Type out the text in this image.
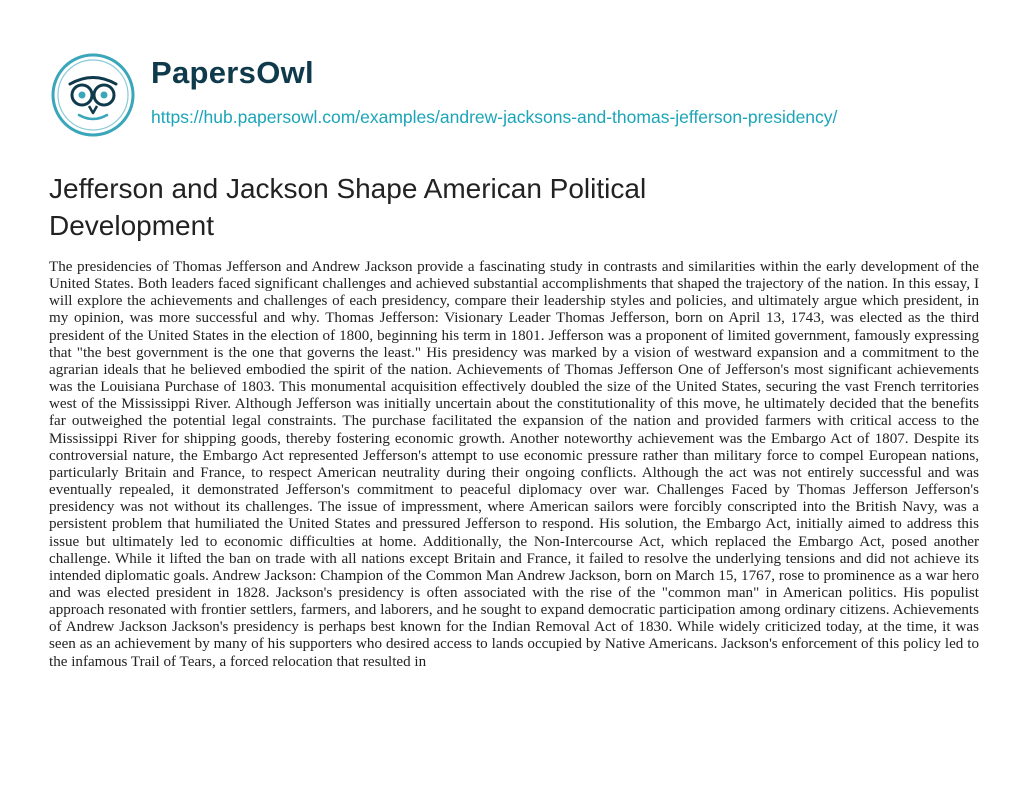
PapersOwl
https://hub.papersowl.com/examples/andrew-jacksons-and-thomas-jefferson-presidency/
Jefferson and Jackson Shape American Political Development

The presidencies of Thomas Jefferson and Andrew Jackson provide a fascinating study in contrasts and similarities within the early development of the United States. Both leaders faced significant challenges and achieved substantial accomplishments that shaped the trajectory of the nation. In this essay, I will explore the achievements and challenges of each presidency, compare their leadership styles and policies, and ultimately argue which president, in my opinion, was more successful and why. Thomas Jefferson: Visionary Leader Thomas Jefferson, born on April 13, 1743, was elected as the third president of the United States in the election of 1800, beginning his term in 1801. Jefferson was a proponent of limited government, famously expressing that "the best government is the one that governs the least." His presidency was marked by a vision of westward expansion and a commitment to the agrarian ideals that he believed embodied the spirit of the nation. Achievements of Thomas Jefferson One of Jefferson's most significant achievements was the Louisiana Purchase of 1803. This monumental acquisition effectively doubled the size of the United States, securing the vast French territories west of the Mississippi River. Although Jefferson was initially uncertain about the constitutionality of this move, he ultimately decided that the benefits far outweighed the potential legal constraints. The purchase facilitated the expansion of the nation and provided farmers with critical access to the Mississippi River for shipping goods, thereby fostering economic growth. Another noteworthy achievement was the Embargo Act of 1807. Despite its controversial nature, the Embargo Act represented Jefferson's attempt to use economic pressure rather than military force to compel European nations, particularly Britain and France, to respect American neutrality during their ongoing conflicts. Although the act was not entirely successful and was eventually repealed, it demonstrated Jefferson's commitment to peaceful diplomacy over war. Challenges Faced by Thomas Jefferson Jefferson's presidency was not without its challenges. The issue of impressment, where American sailors were forcibly conscripted into the British Navy, was a persistent problem that humiliated the United States and pressured Jefferson to respond. His solution, the Embargo Act, initially aimed to address this issue but ultimately led to economic difficulties at home. Additionally, the Non-Intercourse Act, which replaced the Embargo Act, posed another challenge. While it lifted the ban on trade with all nations except Britain and France, it failed to resolve the underlying tensions and did not achieve its intended diplomatic goals. Andrew Jackson: Champion of the Common Man Andrew Jackson, born on March 15, 1767, rose to prominence as a war hero and was elected president in 1828. Jackson's presidency is often associated with the rise of the "common man" in American politics. His populist approach resonated with frontier settlers, farmers, and laborers, and he sought to expand democratic participation among ordinary citizens. Achievements of Andrew Jackson Jackson's presidency is perhaps best known for the Indian Removal Act of 1830. While widely criticized today, at the time, it was seen as an achievement by many of his supporters who desired access to lands occupied by Native Americans. Jackson's enforcement of this policy led to the infamous Trail of Tears, a forced relocation that resulted in
